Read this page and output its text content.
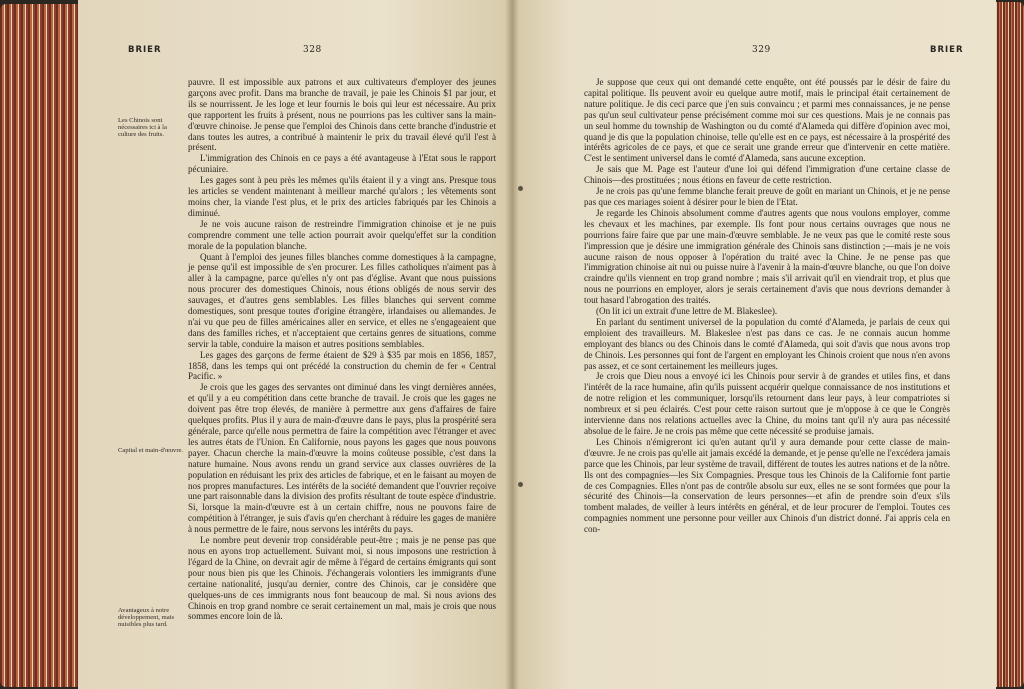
BRIER	328
Les Chinois sont nécessaires ici à la culture des fruits.
Capital et main-d'œuvre.
Avantageux à notre développement, mais nuisibles plus tard.

pauvre. Il est impossible aux patrons et aux cultivateurs d'employer des jeunes garçons avec profit. Dans ma branche de travail, je paie les Chinois $1 par jour, et ils se nourrissent. Je les loge et leur fournis le bois qui leur est nécessaire. Au prix que rapportent les fruits à présent, nous ne pourrions pas les cultiver sans la main-d'œuvre chinoise. Je pense que l'emploi des Chinois dans cette branche d'industrie et dans toutes les autres, a contribué à maintenir le prix du travail élevé qu'il l'est à présent.

L'immigration des Chinois en ce pays a été avantageuse à l'Etat sous le rapport pécuniaire.

Les gages sont à peu près les mêmes qu'ils étaient il y a vingt ans. Presque tous les articles se vendent maintenant à meilleur marché qu'alors ; les vêtements sont moins cher, la viande l'est plus, et le prix des articles fabriqués par les Chinois a diminué.

Je ne vois aucune raison de restreindre l'immigration chinoise et je ne puis comprendre comment une telle action pourrait avoir quelqu'effet sur la condition morale de la population blanche.

Quant à l'emploi des jeunes filles blanches comme domestiques à la campagne, je pense qu'il est impossible de s'en procurer. Les filles catholiques n'aiment pas à aller à la campagne, parce qu'elles n'y ont pas d'église. Avant que nous puissions nous procurer des domestiques Chinois, nous étions obligés de nous servir des sauvages, et d'autres gens semblables. Les filles blanches qui servent comme domestiques, sont presque toutes d'origine étrangère, irlandaises ou allemandes. Je n'ai vu que peu de filles américaines aller en service, et elles ne s'engageaient que dans des familles riches, et n'acceptaient que certains genres de situations, comme servir la table, conduire la maison et autres positions semblables.

Les gages des garçons de ferme étaient de $29 à $35 par mois en 1856, 1857, 1858, dans les temps qui ont précédé la construction du chemin de fer « Central Pacific. »

Je crois que les gages des servantes ont diminué dans les vingt dernières années, et qu'il y a eu compétition dans cette branche de travail. Je crois que les gages ne doivent pas être trop élevés, de manière à permettre aux gens d'affaires de faire quelques profits. Plus il y aura de main-d'œuvre dans le pays, plus la prospérité sera générale, parce qu'elle nous permettra de faire la compétition avec l'étranger et avec les autres états de l'Union. En Californie, nous payons les gages que nous pouvons payer. Chacun cherche la main-d'œuvre la moins coûteuse possible, c'est dans la nature humaine. Nous avons rendu un grand service aux classes ouvrières de la population en réduisant les prix des articles de fabrique, et en le faisant au moyen de nos propres manufactures. Les intérêts de la société demandent que l'ouvrier reçoive une part raisonnable dans la division des profits résultant de toute espèce d'industrie. Si, lorsque la main-d'œuvre est à un certain chiffre, nous ne pouvons faire de compétition à l'étranger, je suis d'avis qu'en cherchant à réduire les gages de manière à nous permettre de le faire, nous servons les intérêts du pays.

Le nombre peut devenir trop considérable peut-être ; mais je ne pense pas que nous en ayons trop actuellement. Suivant moi, si nous imposons une restriction à l'égard de la Chine, on devrait agir de même à l'égard de certains émigrants qui sont pour nous bien pis que les Chinois. J'échangerais volontiers les immigrants d'une certaine nationalité, jusqu'au dernier, contre des Chinois, car je considère que quelques-uns de ces immigrants nous font beaucoup de mal. Si nous avions des Chinois en trop grand nombre ce serait certainement un mal, mais je crois que nous sommes encore loin de là.

329	BRIER

Je suppose que ceux qui ont demandé cette enquête, ont été poussés par le désir de faire du capital politique. Ils peuvent avoir eu quelque autre motif, mais le principal était certainement de nature politique. Je dis ceci parce que j'en suis convaincu ; et parmi mes connaissances, je ne pense pas qu'un seul cultivateur pense précisément comme moi sur ces questions. Mais je ne connais pas un seul homme du township de Washington ou du comté d'Alameda qui diffère d'opinion avec moi, quand je dis que la population chinoise, telle qu'elle est en ce pays, est nécessaire à la prospérité des intérêts agricoles de ce pays, et que ce serait une grande erreur que d'intervenir en cette matière. C'est le sentiment universel dans le comté d'Alameda, sans aucune exception.

Je sais que M. Page est l'auteur d'une loi qui défend l'immigration d'une certaine classe de Chinois—des prostituées ; nous étions en faveur de cette restriction.

Je ne crois pas qu'une femme blanche ferait preuve de goût en mariant un Chinois, et je ne pense pas que ces mariages soient à désirer pour le bien de l'Etat.

Je regarde les Chinois absolument comme d'autres agents que nous voulons employer, comme les chevaux et les machines, par exemple. Ils font pour nous certains ouvrages que nous ne pourrions faire faire que par une main-d'œuvre semblable. Je ne veux pas que le comité reste sous l'impression que je désire une immigration générale des Chinois sans distinction ;—mais je ne vois aucune raison de nous opposer à l'opération du traité avec la Chine. Je ne pense pas que l'immigration chinoise ait nui ou puisse nuire à l'avenir à la main-d'œuvre blanche, ou que l'on doive craindre qu'ils viennent en trop grand nombre ; mais s'il arrivait qu'il en viendrait trop, et plus que nous ne pourrions en employer, alors je serais certainement d'avis que nous devrions demander à tout hasard l'abrogation des traités.

(On lit ici un extrait d'une lettre de M. Blakeslee).

En parlant du sentiment universel de la population du comté d'Alameda, je parlais de ceux qui emploient des travailleurs. M. Blakeslee n'est pas dans ce cas. Je ne connais aucun homme employant des blancs ou des Chinois dans le comté d'Alameda, qui soit d'avis que nous avons trop de Chinois. Les personnes qui font de l'argent en employant les Chinois croient que nous n'en avons pas assez, et ce sont certainement les meilleurs juges.

Je crois que Dieu nous a envoyé ici les Chinois pour servir à de grandes et utiles fins, et dans l'intérêt de la race humaine, afin qu'ils puissent acquérir quelque connaissance de nos institutions et de notre religion et les communiquer, lorsqu'ils retournent dans leur pays, à leur compatriotes si nombreux et si peu éclairés. C'est pour cette raison surtout que je m'oppose à ce que le Congrès intervienne dans nos relations actuelles avec la Chine, du moins tant qu'il n'y aura pas nécessité absolue de le faire. Je ne crois pas même que cette nécessité se produise jamais.

Les Chinois n'émigreront ici qu'en autant qu'il y aura demande pour cette classe de main-d'œuvre. Je ne crois pas qu'elle ait jamais excédé la demande, et je pense qu'elle ne l'excédera jamais parce que les Chinois, par leur système de travail, différent de toutes les autres nations et de la nôtre. Ils ont des compagnies—les Six Compagnies. Presque tous les Chinois de la Californie font partie de ces Compagnies. Elles n'ont pas de contrôle absolu sur eux, elles ne se sont formées que pour la sécurité des Chinois—la conservation de leurs personnes—et afin de prendre soin d'eux s'ils tombent malades, de veiller à leurs intérêts en général, et de leur procurer de l'emploi. Toutes ces compagnies nomment une personne pour veiller aux Chinois d'un district donné. J'ai appris cela en con-
